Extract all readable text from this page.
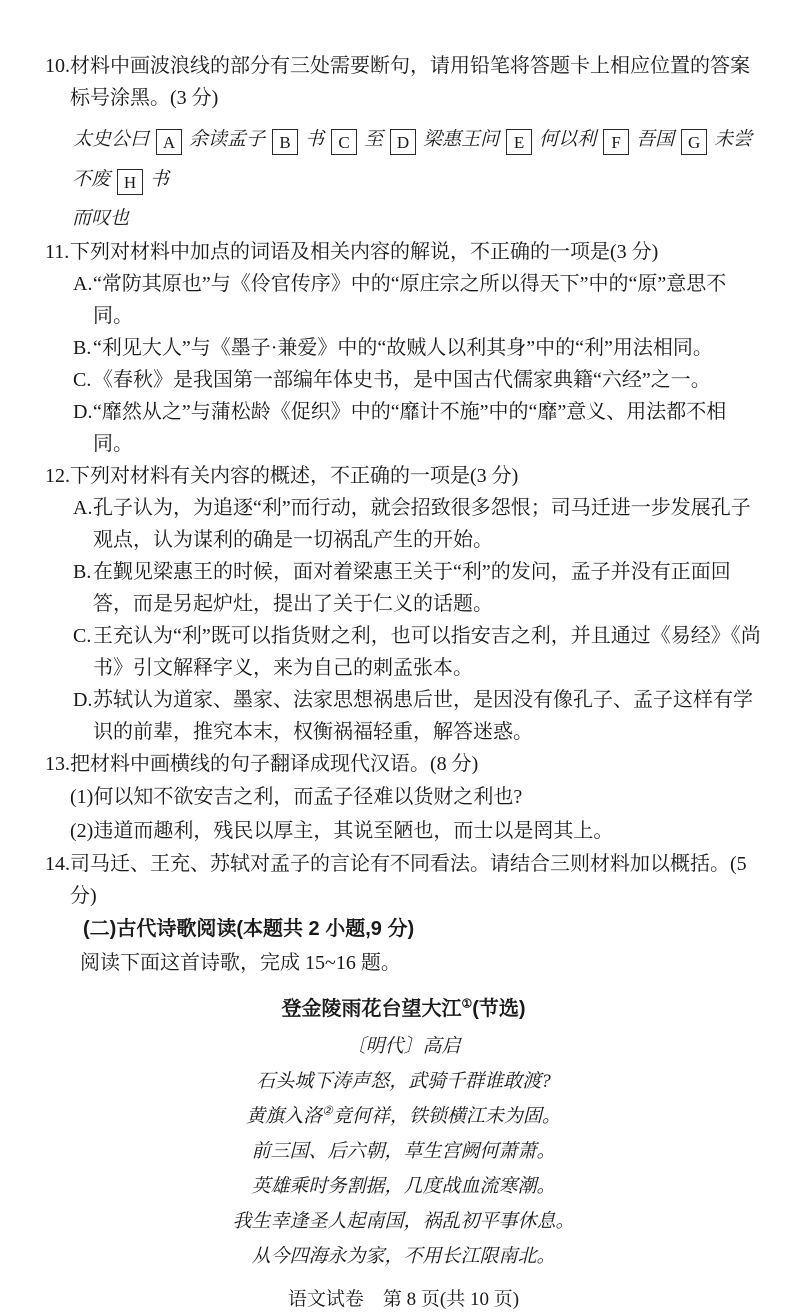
10. 材料中画波浪线的部分有三处需要断句，请用铅笔将答题卡上相应位置的答案标号涂黑。(3 分)
太史公曰 A 余读孟子 B 书 C 至 D 梁惠王问 E 何以利 F 吾国 G 未尝不废 H 书
而叹也
11. 下列对材料中加点的词语及相关内容的解说，不正确的一项是(3 分)
A. “常防其原也”与《伶官传序》中的“原庄宗之所以得天下”中的“原”意思不同。
B. “利见大人”与《墨子·兼爱》中的“故贼人以利其身”中的“利”用法相同。
C. 《春秋》是我国第一部编年体史书，是中国古代儒家典籍“六经”之一。
D. “靡然从之”与蒲松龄《促织》中的“靡计不施”中的“靡”意义、用法都不相同。
12. 下列对材料有关内容的概述，不正确的一项是(3 分)
A. 孔子认为，为追逐“利”而行动，就会招致很多怨恨；司马迁进一步发展孔子观点，认为谋利的确是一切祸乱产生的开始。
B. 在觐见梁惠王的时候，面对着梁惠王关于“利”的发问，孟子并没有正面回答，而是另起炉灶，提出了关于仁义的话题。
C. 王充认为“利”既可以指货财之利，也可以指安吉之利，并且通过《易经》《尚书》引文解释字义，来为自己的刺孟张本。
D. 苏轼认为道家、墨家、法家思想祸患后世，是因没有像孔子、孟子这样有学识的前辈，推究本末，权衡祸福轻重，解答迷惑。
13. 把材料中画横线的句子翻译成现代汉语。(8 分)
(1)何以知不欲安吉之利，而孟子径难以货财之利也?
(2)违道而趣利，残民以厚主，其说至陋也，而士以是罔其上。
14. 司马迁、王充、苏轼对孟子的言论有不同看法。请结合三则材料加以概括。(5 分)
(二)古代诗歌阅读(本题共 2 小题,9 分)
阅读下面这首诗歌，完成 15~16 题。
登金陵雨花台望大江①(节选)
〔明代〕高启
石头城下涛声怒，武骑千群谁敢渡?
黄旗入洛②竟何祥，铁锁横江未为固。
前三国、后六朝，草生宫阙何萧萧。
英雄乘时务割据，几度战血流寒潮。
我生幸逢圣人起南国，祸乱初平事休息。
从今四海永为家，不用长江限南北。
语文试卷　第 8 页(共 10 页)
